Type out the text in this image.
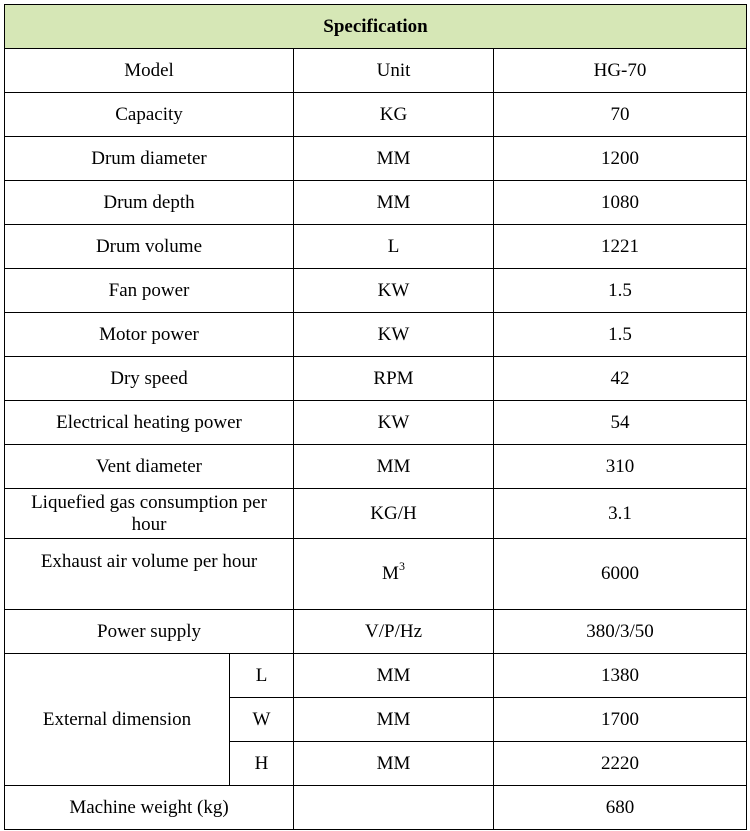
Specification			
Model		Unit	HG-70
Capacity		KG	70
Drum diameter		MM	1200
Drum depth		MM	1080
Drum volume		L	1221
Fan power		KW	1.5
Motor power		KW	1.5
Dry speed		RPM	42
Electrical heating power		KW	54
Vent diameter		MM	310
Liquefied gas consumption per hour		KG/H	3.1
Exhaust air volume per hour		$M^3$	6000
Power supply		V/P/Hz	380/3/50
External dimension	L	MM	1380
	W	MM	1700
	H	MM	2220
Machine weight (kg)			680
